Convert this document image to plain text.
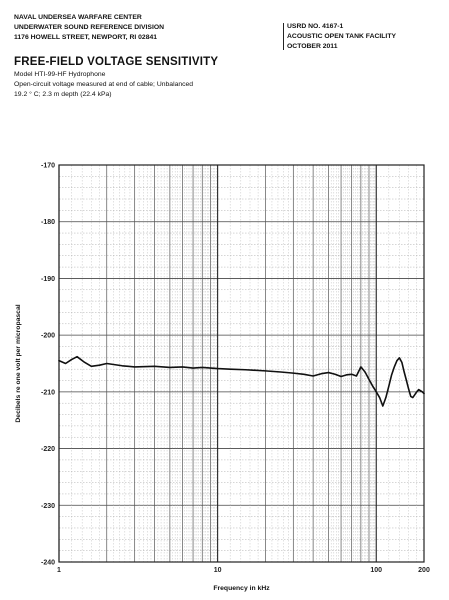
NAVAL UNDERSEA WARFARE CENTER
UNDERWATER SOUND REFERENCE DIVISION
1176 HOWELL STREET, NEWPORT, RI 02841
USRD NO. 4167-1
ACOUSTIC OPEN TANK FACILITY
OCTOBER 2011
FREE-FIELD VOLTAGE SENSITIVITY
Model HTI-99-HF Hydrophone
Open-circuit voltage measured at end of cable; Unbalanced
19.2 ° C; 2.3 m depth (22.4 kPa)
-170
-180
-190
-200
-210
-220
-230
-240
1	10	100	200
Frequency in kHz
Decibels re one volt per micropascal
